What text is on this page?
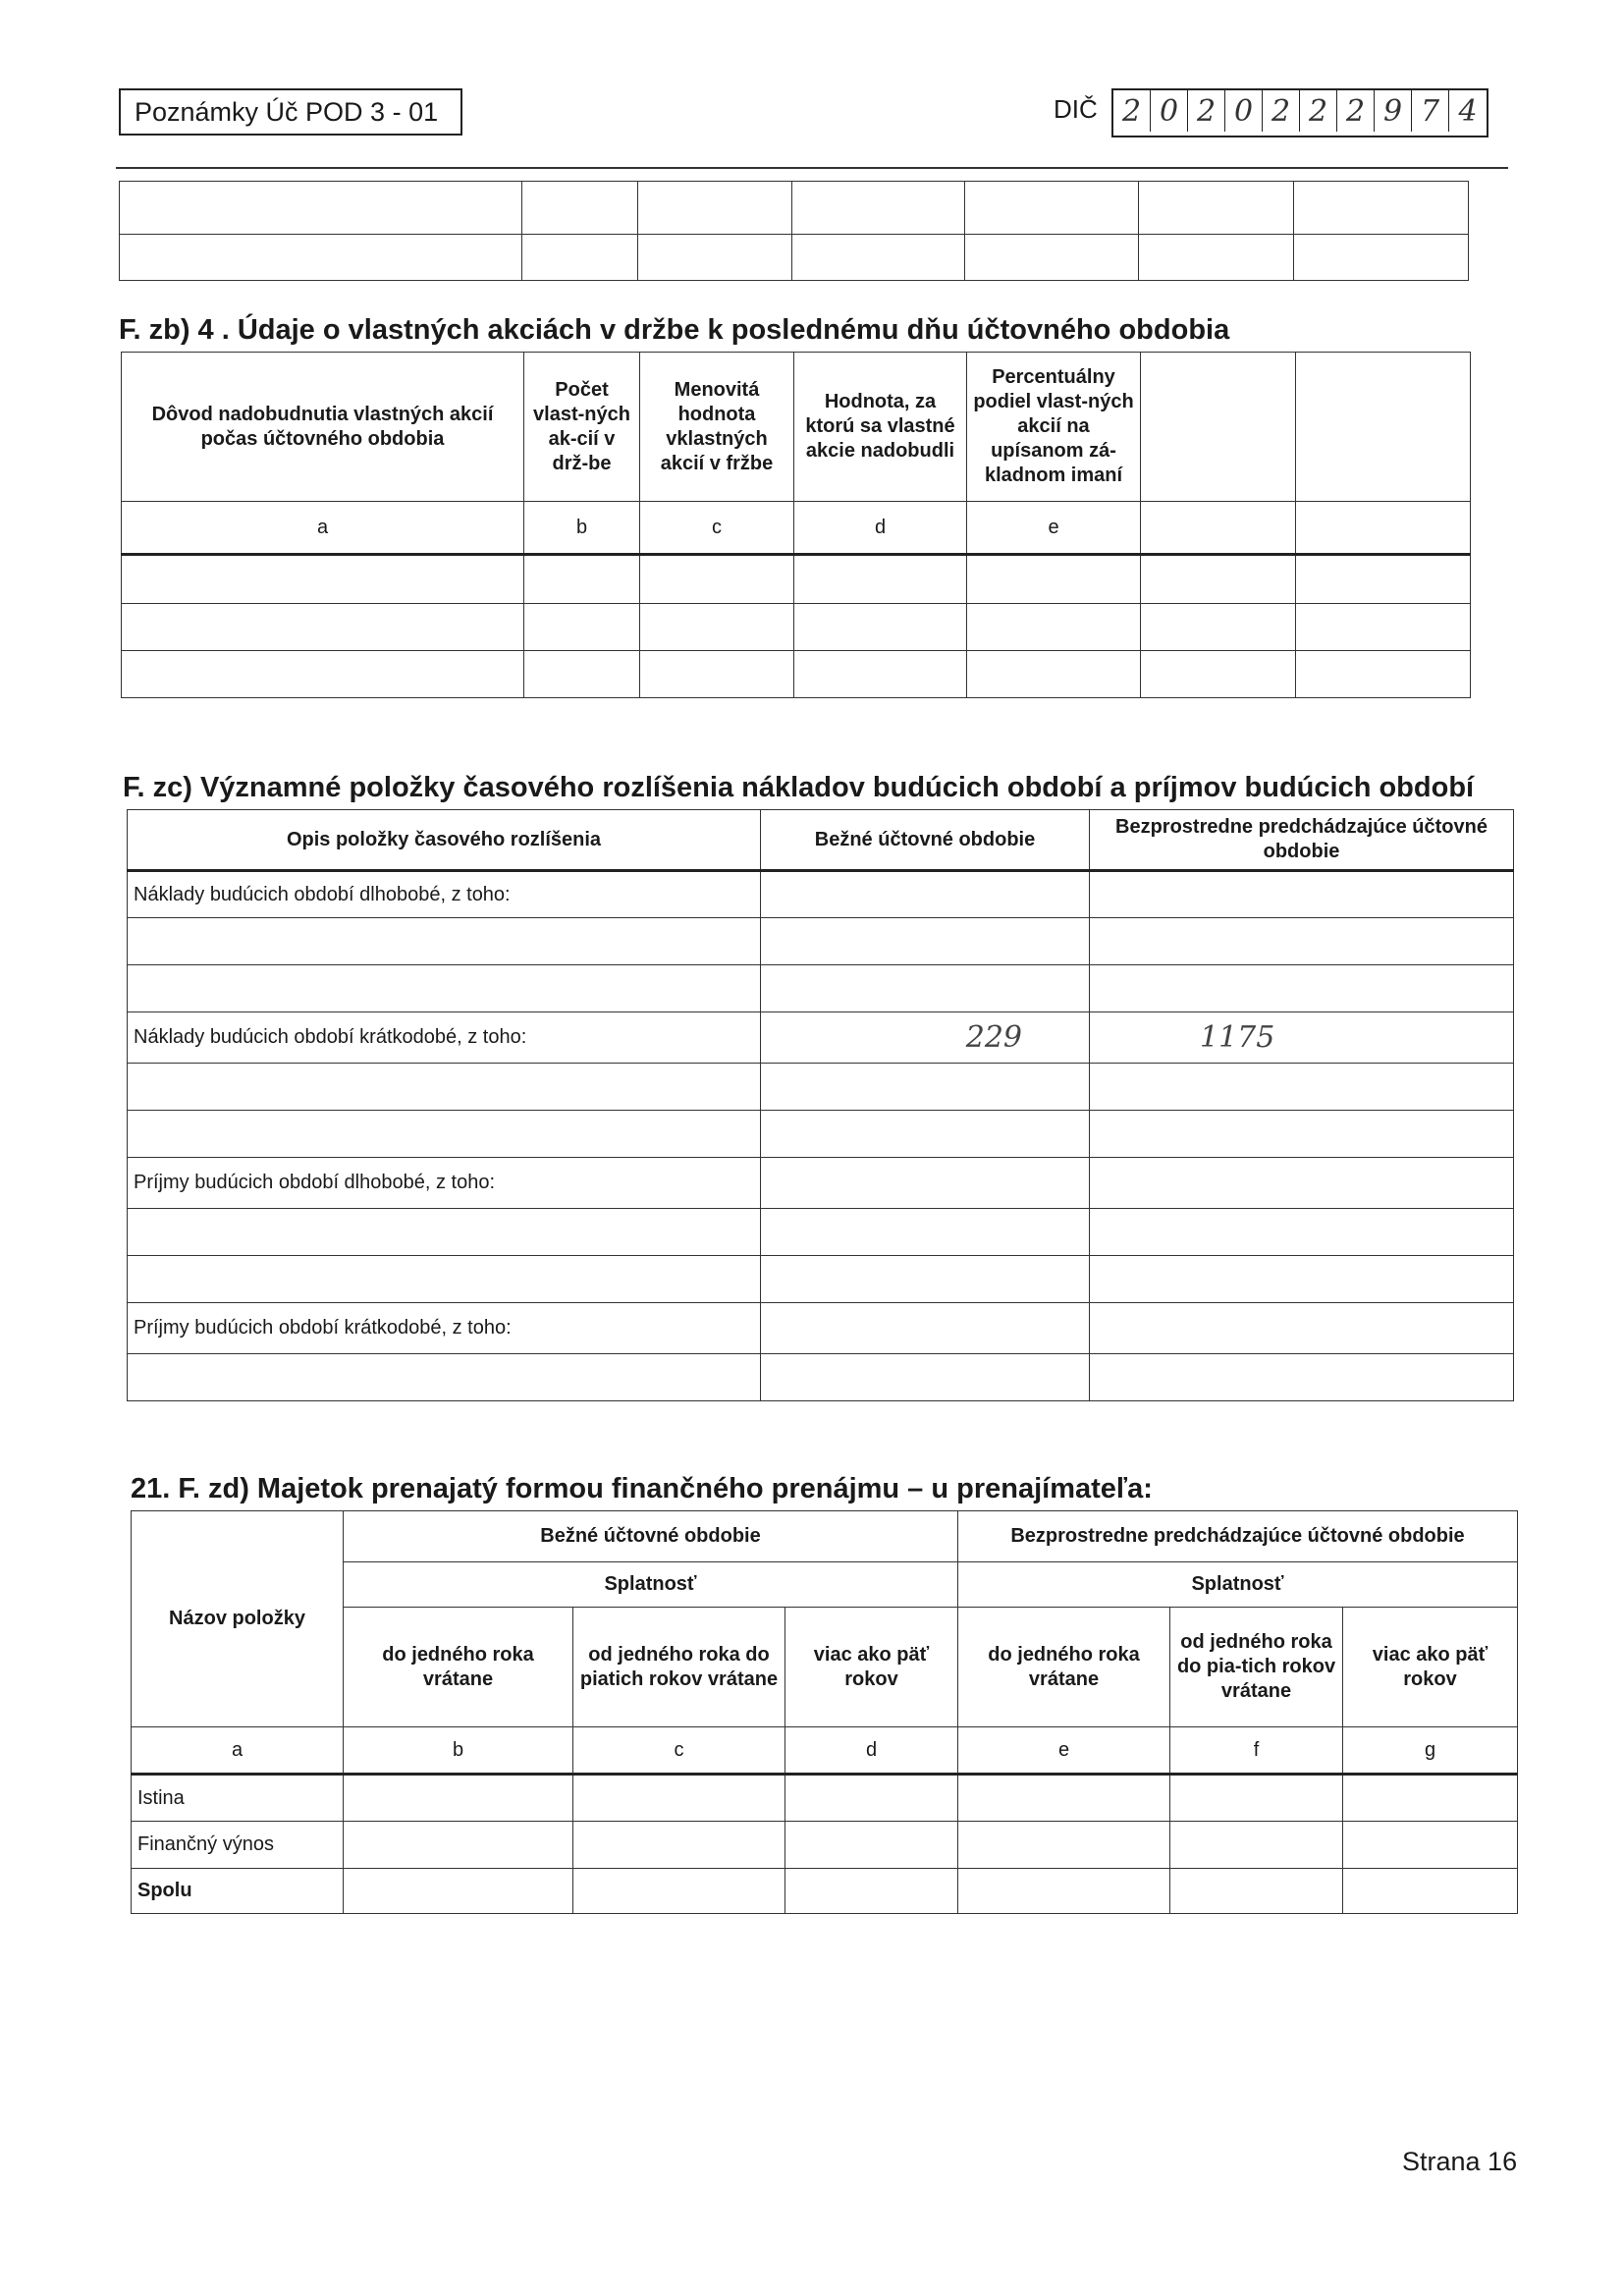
Poznámky Úč POD 3 - 01	DIČ 2 0 2 0 2 2 2 9 7 4

F. zb) 4 . Údaje o vlastných akciách v držbe k poslednému dňu účtovného obdobia
Dôvod nadobudnutia vlastných akcií počas účtovného obdobia	Počet vlast-ných ak-cií v drž-be	Menovitá hodnota vklastných akcií v fržbe	Hodnota, za ktorú sa vlastné akcie nadobudli	Percentuálny podiel vlast-ných akcií na upísanom zá-kladnom imaní		
a	b	c	d	e		

F. zc) Významné položky časového rozlíšenia nákladov budúcich období a príjmov budúcich období
Opis položky časového rozlíšenia	Bežné účtovné obdobie	Bezprostredne predchádzajúce účtovné obdobie
Náklady budúcich období dlhobobé, z toho:		

Náklady budúcich období krátkodobé, z toho:	229	1175

Príjmy budúcich období dlhobobé, z toho:		

Príjmy budúcich období krátkodobé, z toho:		

21. F. zd) Majetok prenajatý formou finančného prenájmu – u prenajímateľa:
Názov položky	Bežné účtovné obdobie			Bezprostredne predchádzajúce účtovné obdobie		
	Splatnosť			Splatnosť		
	do jedného roka vrátane	od jedného roka do piatich rokov vrátane	viac ako päť rokov	do jedného roka vrátane	od jedného roka do pia-tich rokov vrátane	viac ako päť rokov
a	b	c	d	e	f	g
Istina						
Finančný výnos						
Spolu						
Strana 16
